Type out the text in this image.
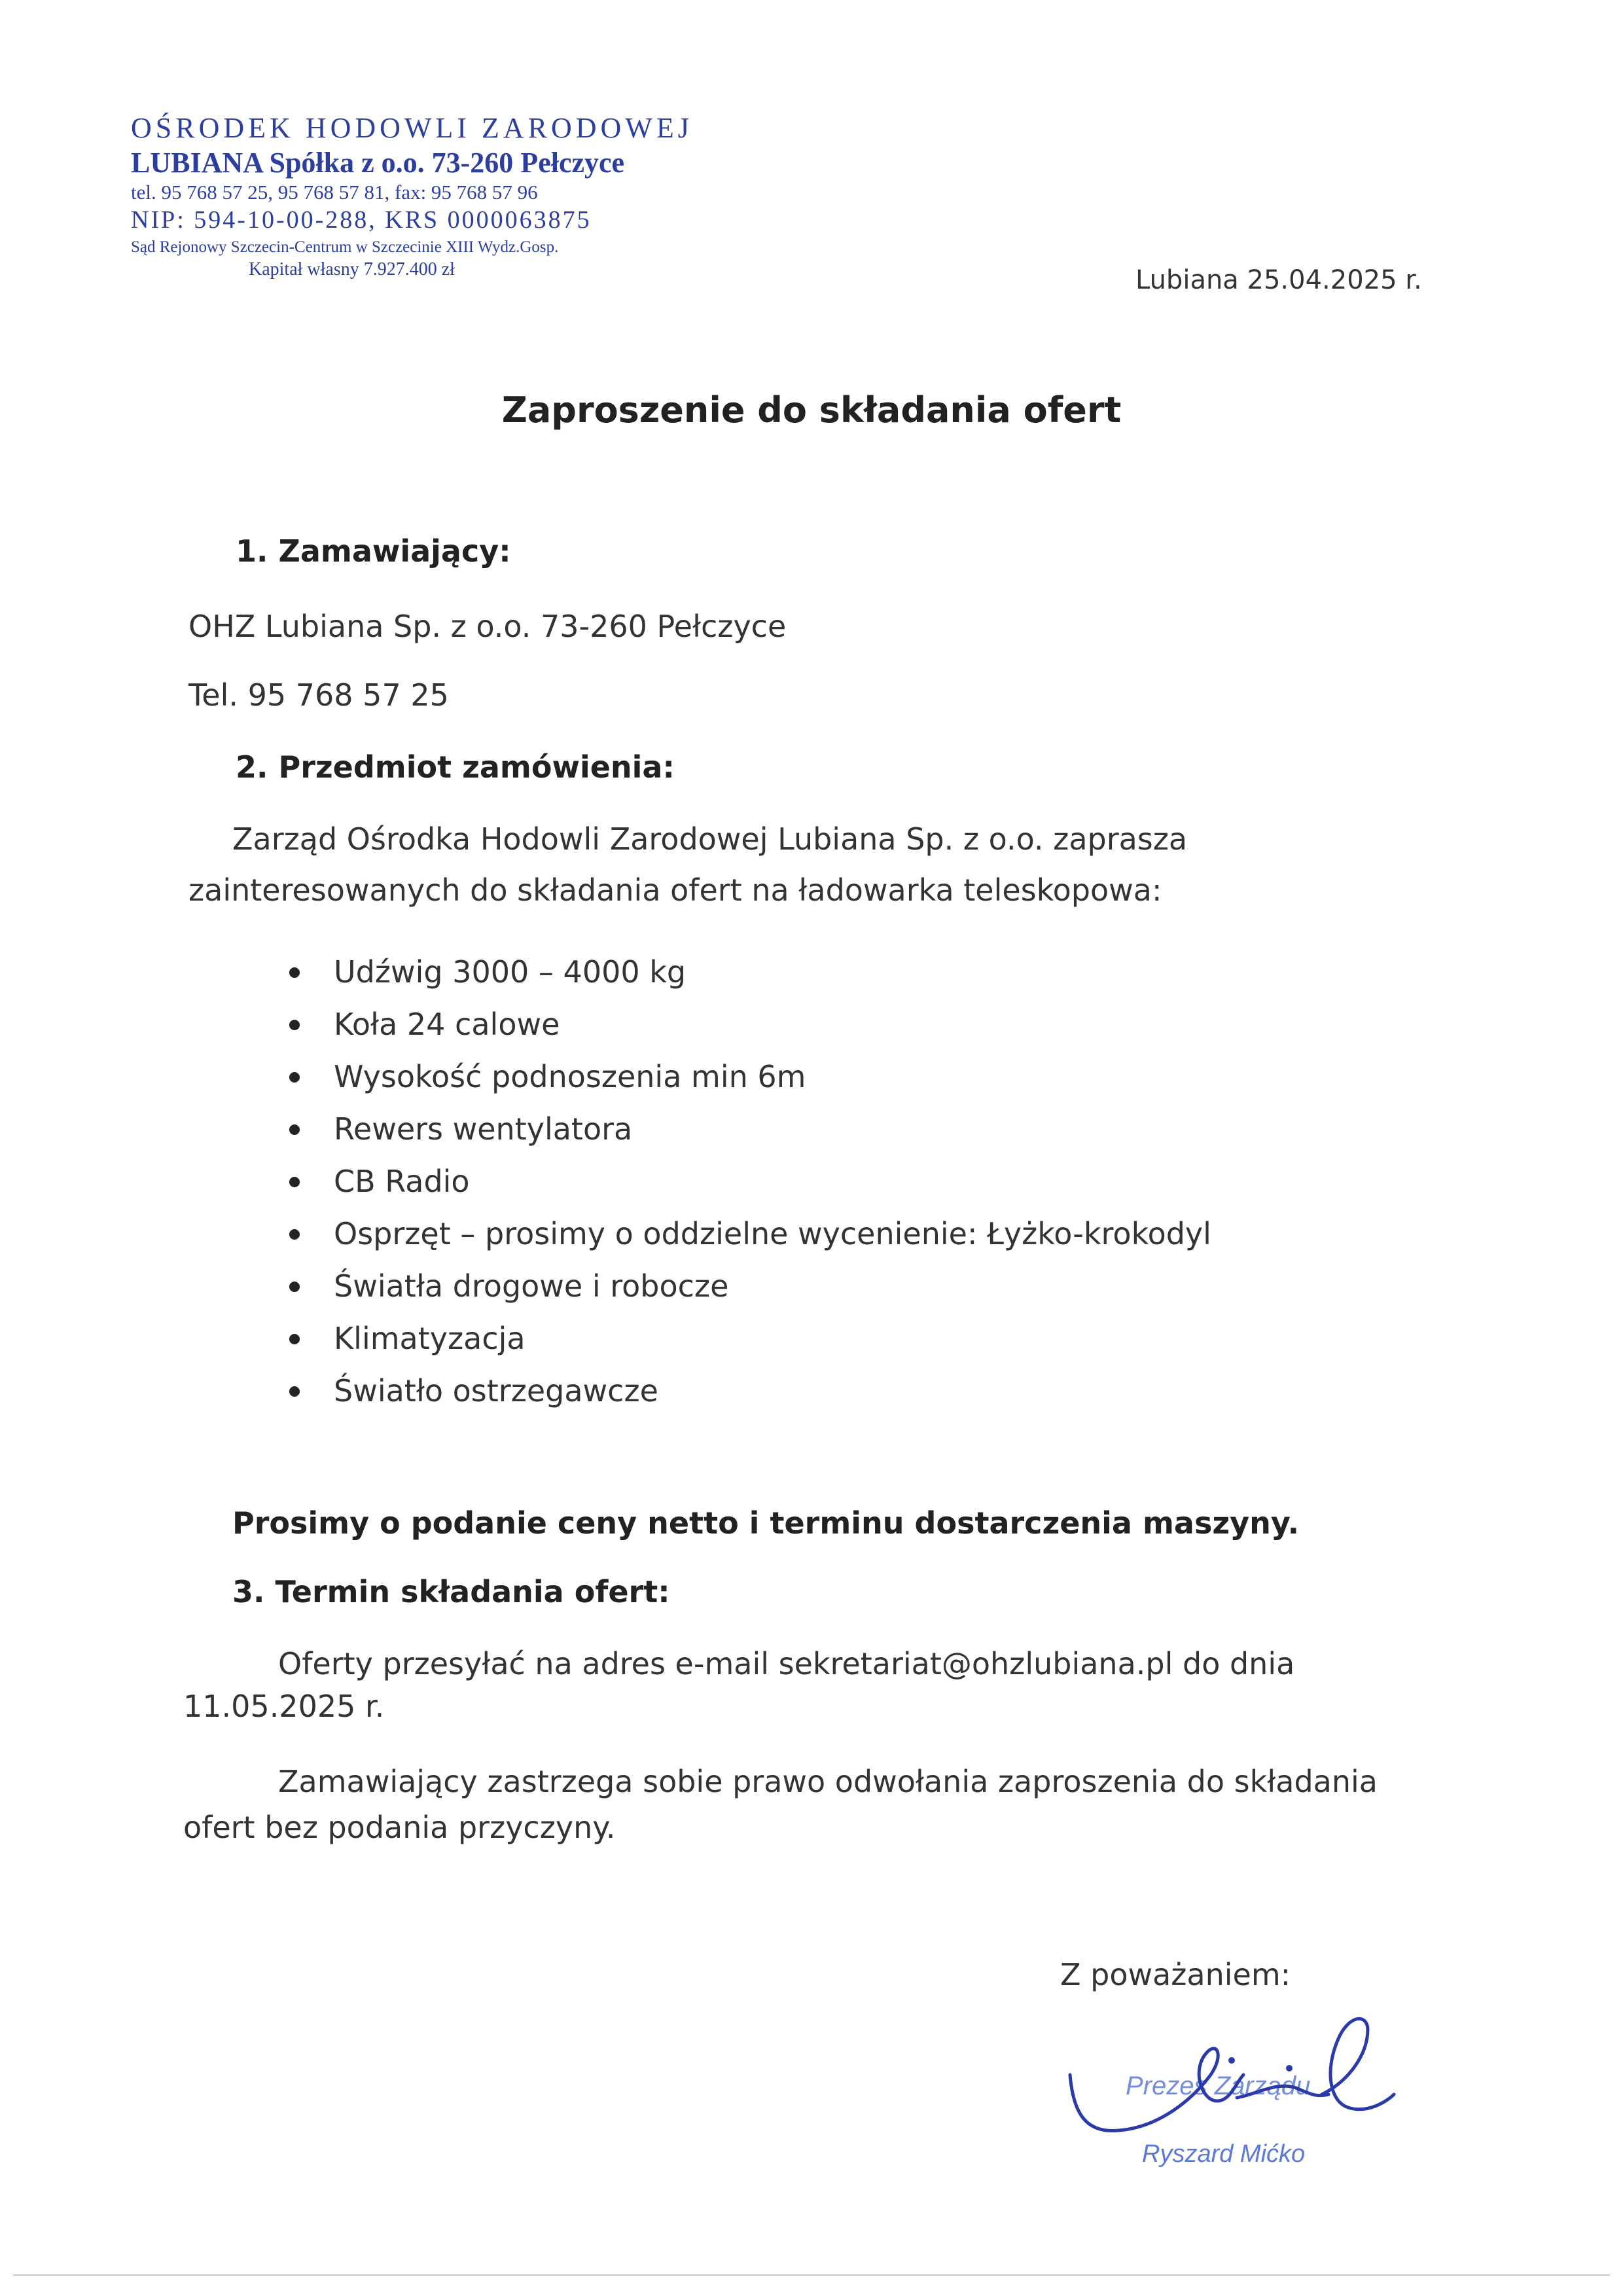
OŚRODEK HODOWLI ZARODOWEJ
LUBIANA Spółka z o.o. 73-260 Pełczyce
tel. 95 768 57 25, 95 768 57 81, fax: 95 768 57 96
NIP: 594-10-00-288, KRS 0000063875
Sąd Rejonowy Szczecin-Centrum w Szczecinie XIII Wydz.Gosp.
Kapitał własny 7.927.400 zł	Lubiana 25.04.2025 r.
Zaproszenie do składania ofert
1. Zamawiający:
OHZ Lubiana Sp. z o.o. 73-260 Pełczyce
Tel. 95 768 57 25
2. Przedmiot zamówienia:
Zarząd Ośrodka Hodowli Zarodowej Lubiana Sp. z o.o. zaprasza
zainteresowanych do składania ofert na ładowarka teleskopowa:
Udźwig 3000 – 4000 kg
Koła 24 calowe
Wysokość podnoszenia min 6m
Rewers wentylatora
CB Radio
Osprzęt – prosimy o oddzielne wycenienie: Łyżko-krokodyl
Światła drogowe i robocze
Klimatyzacja
Światło ostrzegawcze
Prosimy o podanie ceny netto i terminu dostarczenia maszyny.
3. Termin składania ofert:
Oferty przesyłać na adres e-mail sekretariat@ohzlubiana.pl do dnia
11.05.2025 r.
Zamawiający zastrzega sobie prawo odwołania zaproszenia do składania
ofert bez podania przyczyny.
Z poważaniem:
Prezes Zarządu
Ryszard Mićko
